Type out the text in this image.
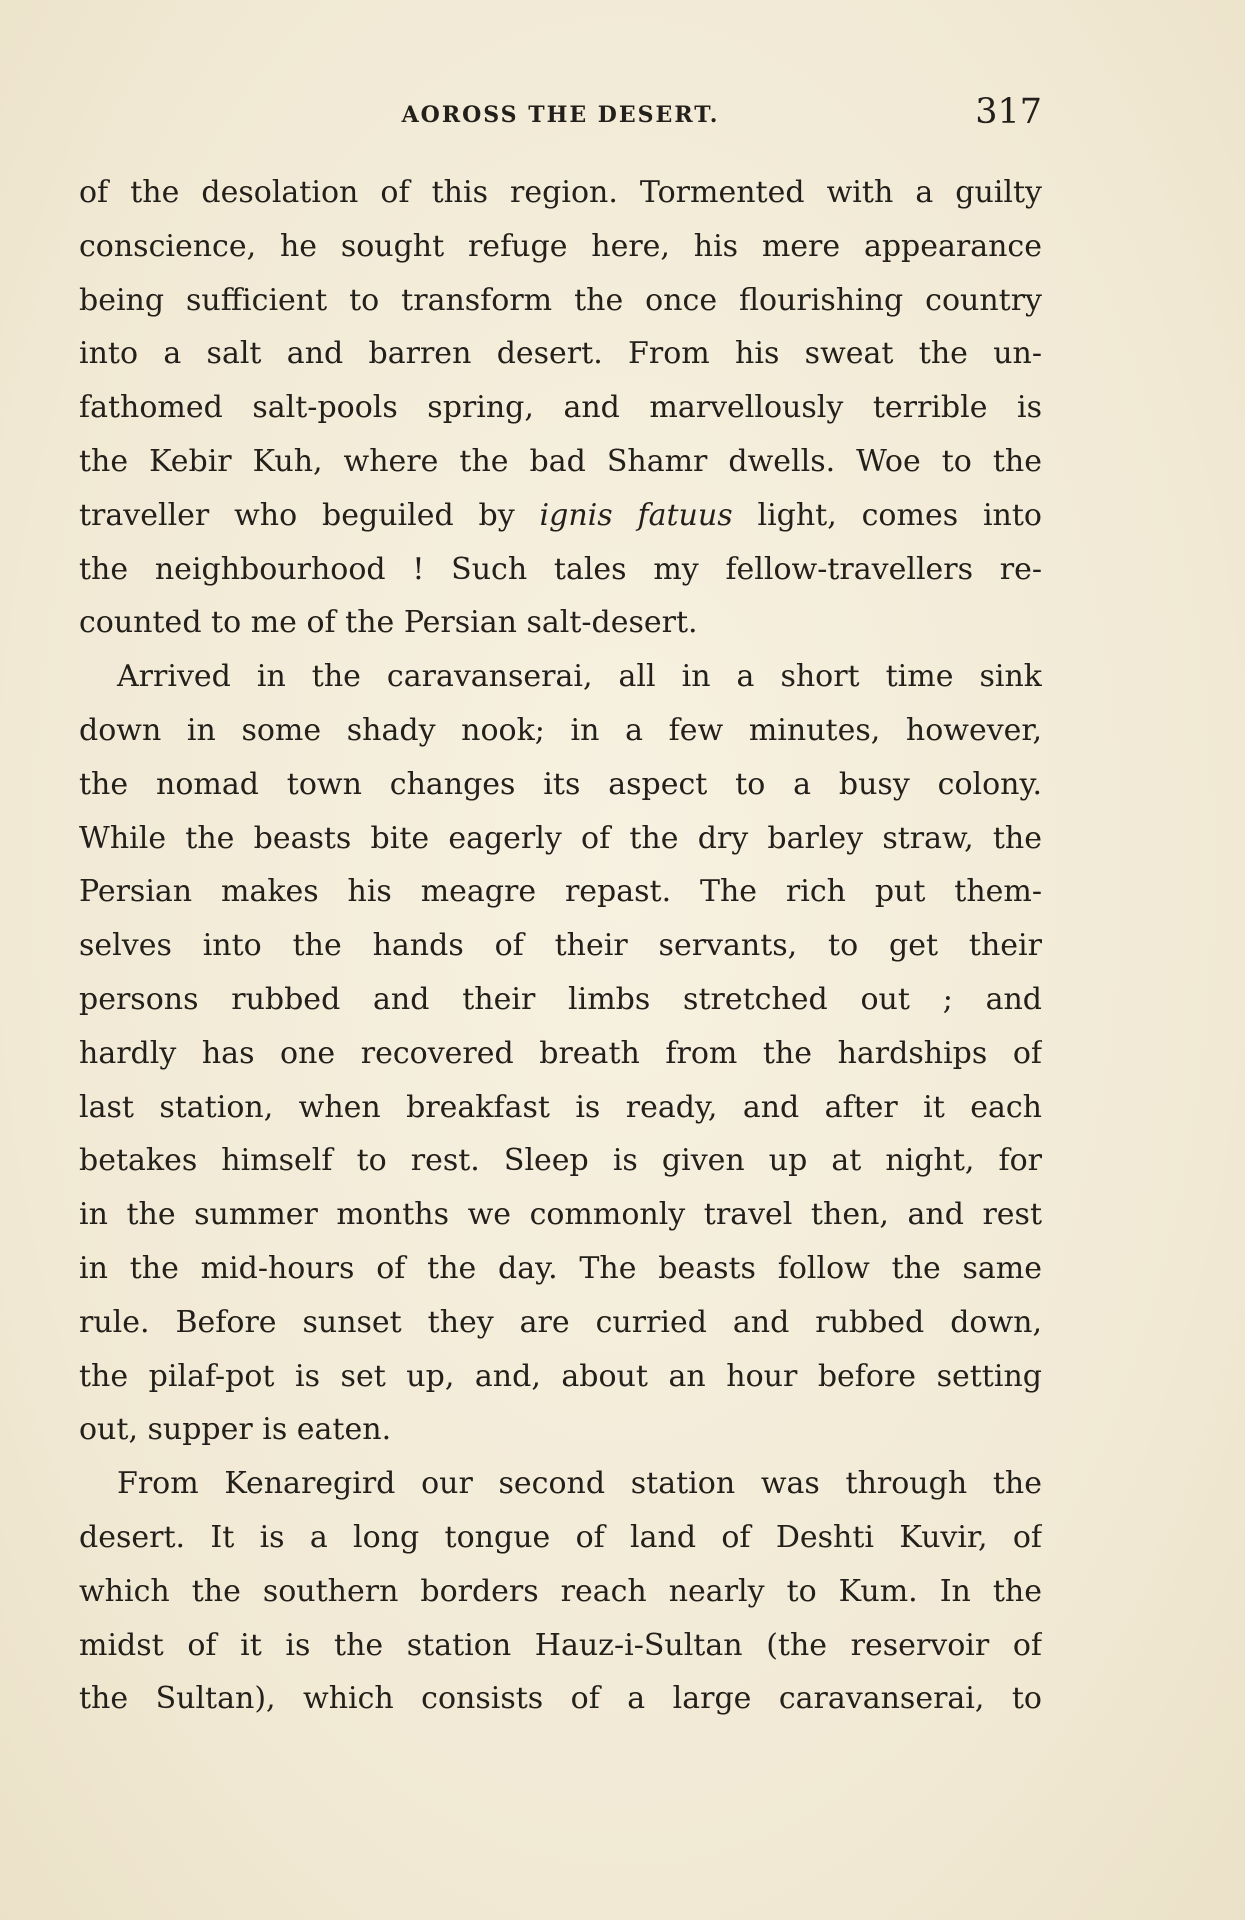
AOROSS THE DESERT.	317
of the desolation of this region. Tormented with a guilty
conscience, he sought refuge here, his mere appearance
being sufficient to transform the once flourishing country
into a salt and barren desert. From his sweat the un-
fathomed salt-pools spring, and marvellously terrible is
the Kebir Kuh, where the bad Shamr dwells. Woe to the
traveller who beguiled by ignis fatuus light, comes into
the neighbourhood ! Such tales my fellow-travellers re-
counted to me of the Persian salt-desert.
Arrived in the caravanserai, all in a short time sink
down in some shady nook; in a few minutes, however,
the nomad town changes its aspect to a busy colony.
While the beasts bite eagerly of the dry barley straw, the
Persian makes his meagre repast. The rich put them-
selves into the hands of their servants, to get their
persons rubbed and their limbs stretched out ; and
hardly has one recovered breath from the hardships of
last station, when breakfast is ready, and after it each
betakes himself to rest. Sleep is given up at night, for
in the summer months we commonly travel then, and rest
in the mid-hours of the day. The beasts follow the same
rule. Before sunset they are curried and rubbed down,
the pilaf-pot is set up, and, about an hour before setting
out, supper is eaten.
From Kenaregird our second station was through the
desert. It is a long tongue of land of Deshti Kuvir, of
which the southern borders reach nearly to Kum. In the
midst of it is the station Hauz-i-Sultan (the reservoir of
the Sultan), which consists of a large caravanserai, to
